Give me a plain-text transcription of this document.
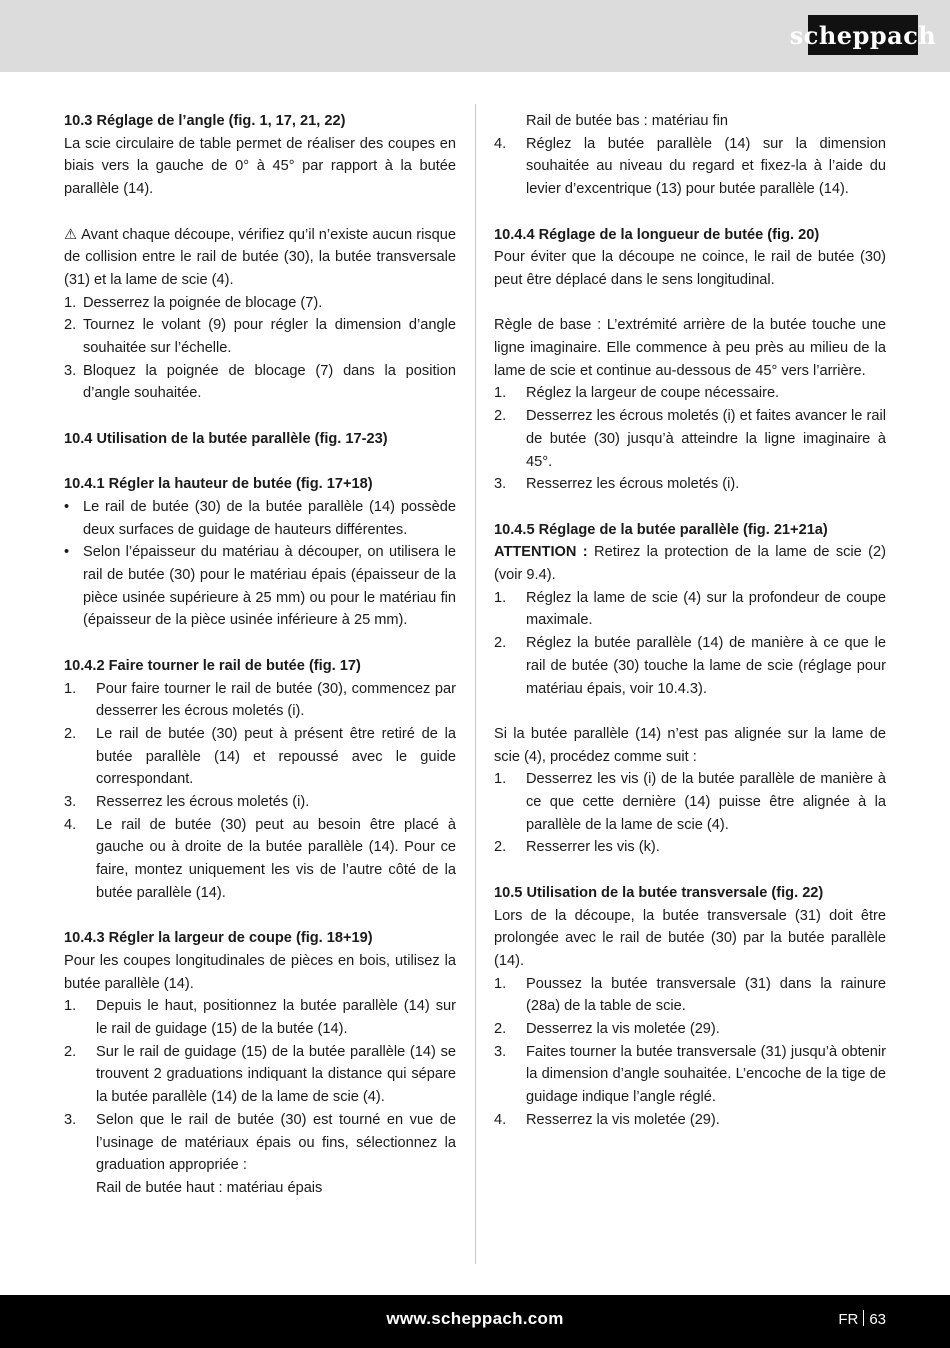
scheppach

10.3 Réglage de l’angle (fig. 1, 17, 21, 22)

La scie circulaire de table permet de réaliser des coupes en biais vers la gauche de 0° à 45° par rapport à la butée parallèle (14).

⚠ Avant chaque découpe, vérifiez qu’il n’existe aucun risque de collision entre le rail de butée (30), la butée transversale (31) et la lame de scie (4).

1. Desserrez la poignée de blocage (7).
2. Tournez le volant (9) pour régler la dimension d’angle souhaitée sur l’échelle.
3. Bloquez la poignée de blocage (7) dans la position d’angle souhaitée.

10.4 Utilisation de la butée parallèle (fig. 17-23)

10.4.1 Régler la hauteur de butée (fig. 17+18)

• Le rail de butée (30) de la butée parallèle (14) possède deux surfaces de guidage de hauteurs différentes.
• Selon l’épaisseur du matériau à découper, on utilisera le rail de butée (30) pour le matériau épais (épaisseur de la pièce usinée supérieure à 25 mm) ou pour le matériau fin (épaisseur de la pièce usinée inférieure à 25 mm).

10.4.2 Faire tourner le rail de butée (fig. 17)

1.	Pour faire tourner le rail de butée (30), commencez par desserrer les écrous moletés (i).
2.	Le rail de butée (30) peut à présent être retiré de la butée parallèle (14) et repoussé avec le guide correspondant.
3.	Resserrez les écrous moletés (i).
4.	Le rail de butée (30) peut au besoin être placé à gauche ou à droite de la butée parallèle (14). Pour ce faire, montez uniquement les vis de l’autre côté de la butée parallèle (14).

10.4.3 Régler la largeur de coupe (fig. 18+19)

Pour les coupes longitudinales de pièces en bois, utilisez la butée parallèle (14).

1.	Depuis le haut, positionnez la butée parallèle (14) sur le rail de guidage (15) de la butée (14).
2.	Sur le rail de guidage (15) de la butée parallèle (14) se trouvent 2 graduations indiquant la distance qui sépare la butée parallèle (14) de la lame de scie (4).
3.	Selon que le rail de butée (30) est tourné en vue de l’usinage de matériaux épais ou fins, sélectionnez la graduation appropriée :

Rail de butée haut : matériau épais

Rail de butée bas : matériau fin

4.	Réglez la butée parallèle (14) sur la dimension souhaitée au niveau du regard et fixez-la à l’aide du levier d’excentrique (13) pour butée parallèle (14).

10.4.4 Réglage de la longueur de butée (fig. 20)

Pour éviter que la découpe ne coince, le rail de butée (30) peut être déplacé dans le sens longitudinal.

Règle de base : L’extrémité arrière de la butée touche une ligne imaginaire. Elle commence à peu près au milieu de la lame de scie et continue au-dessous de 45° vers l’arrière.

1.	Réglez la largeur de coupe nécessaire.
2.	Desserrez les écrous moletés (i) et faites avancer le rail de butée (30) jusqu’à atteindre la ligne imaginaire à 45°.
3.	Resserrez les écrous moletés (i).

10.4.5 Réglage de la butée parallèle (fig. 21+21a)

ATTENTION : Retirez la protection de la lame de scie (2) (voir 9.4).

1.	Réglez la lame de scie (4) sur la profondeur de coupe maximale.
2.	Réglez la butée parallèle (14) de manière à ce que le rail de butée (30) touche la lame de scie (réglage pour matériau épais, voir 10.4.3).

Si la butée parallèle (14) n’est pas alignée sur la lame de scie (4), procédez comme suit :

1.	Desserrez les vis (i) de la butée parallèle de manière à ce que cette dernière (14) puisse être alignée à la parallèle de la lame de scie (4).
2.	Resserrer les vis (k).

10.5 Utilisation de la butée transversale (fig. 22)

Lors de la découpe, la butée transversale (31) doit être prolongée avec le rail de butée (30) par la butée parallèle (14).

1.	Poussez la butée transversale (31) dans la rainure (28a) de la table de scie.
2.	Desserrez la vis moletée (29).
3.	Faites tourner la butée transversale (31) jusqu’à obtenir la dimension d’angle souhaitée. L’encoche de la tige de guidage indique l’angle réglé.
4.	Resserrez la vis moletée (29).
www.scheppach.com	FR 63
